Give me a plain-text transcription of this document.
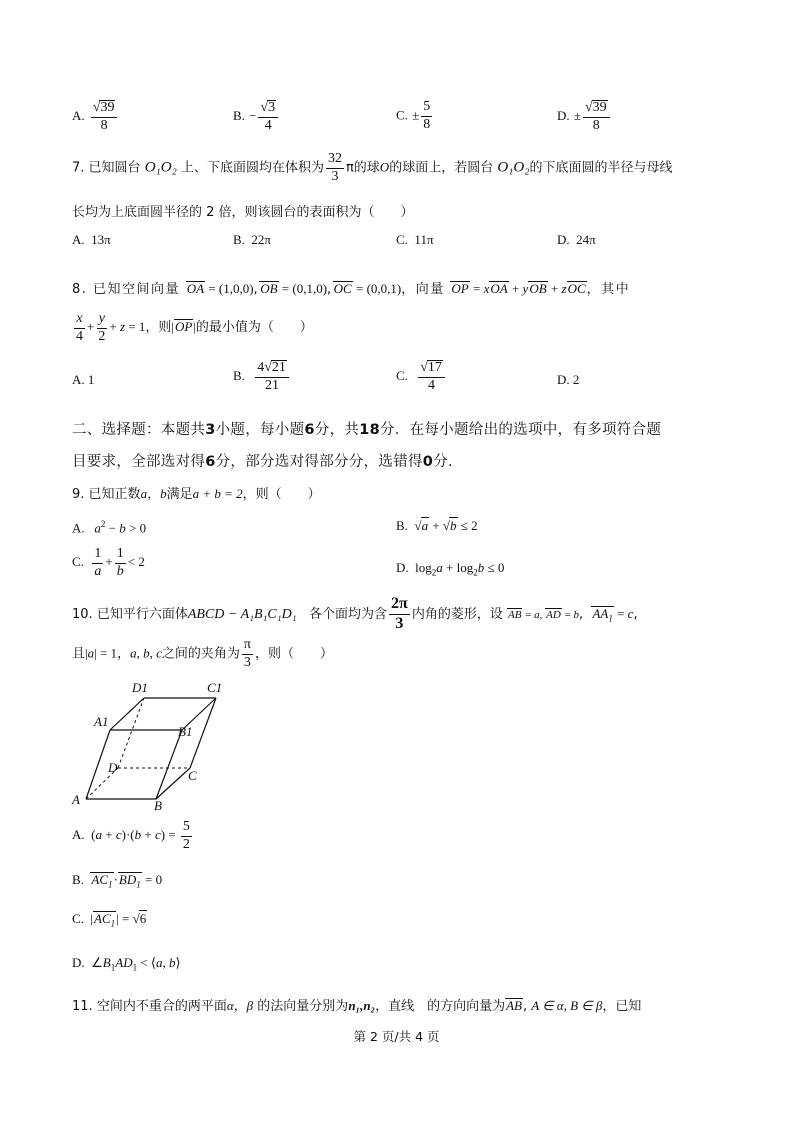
A. $\frac{√39}{8}$	B. − $\frac{√3}{4}$	C. ± $\frac{5}{8}$	D. ± $\frac{√39}{8}$
7. 已知圆台 O₁O₂ 上、下底面圆均在体积为 $\frac{32}{3}$ π的球O的球面上，若圆台 O₁O₂的下底面圆的半径与母线
长均为上底面圆半径的 2 倍，则该圆台的表面积为（　　）
A. 13π	B. 22π	C. 11π	D. 24π
8. 已知空间向量 OA = (1,0,0),OB = (0,1,0),OC = (0,0,1)，向量 OP = xOA + yOB + zOC，其中
$\frac{x}{4} + \frac{y}{2} + z = 1$，则|OP|的最小值为（　　）
A. 1	B. $\frac{4√21}{21}$	C. $\frac{√17}{4}$	D. 2
二、选择题：本题共3小题，每小题6分，共18分．在每小题给出的选项中，有多项符合题
目要求，全部选对得6分，部分选对得部分分，选错得0分.
9. 已知正数a，b满足a + b = 2，则（　　）
A. $a^2 - b > 0$	B.  √a + √b ≤ 2
C. $\frac{1}{a} + \frac{1}{b} < 2$	D.  $\log_2a + \log_2b \le 0$
10. 已知平行六面体ABCD − A₁B₁C₁D₁ 各个面均为含 $\frac{2\pi}{3}$ 内角的菱形，设 AB = a, AD = b,  $AA_1 = c$,
且|a| = 1，a, b, c之间的夹角为 $\frac{\pi}{3}$ ，则（　　）
D1	C1
A1
B1
D
C
A	B
A.  $(a + c)\cdot(b + c) = \frac{5}{2}$
B. $AC_1\cdot BD_1 = 0$
C.  $|AC_1| = √6$
D.  $\angle B_1AD_1$ < ⟨a, b⟩
11. 空间内不重合的两平面α，β 的法向量分别为n₁,n₂，直线　的方向向量为AB, A ∈ α, B ∈ β，已知
第 2 页/共 4 页
